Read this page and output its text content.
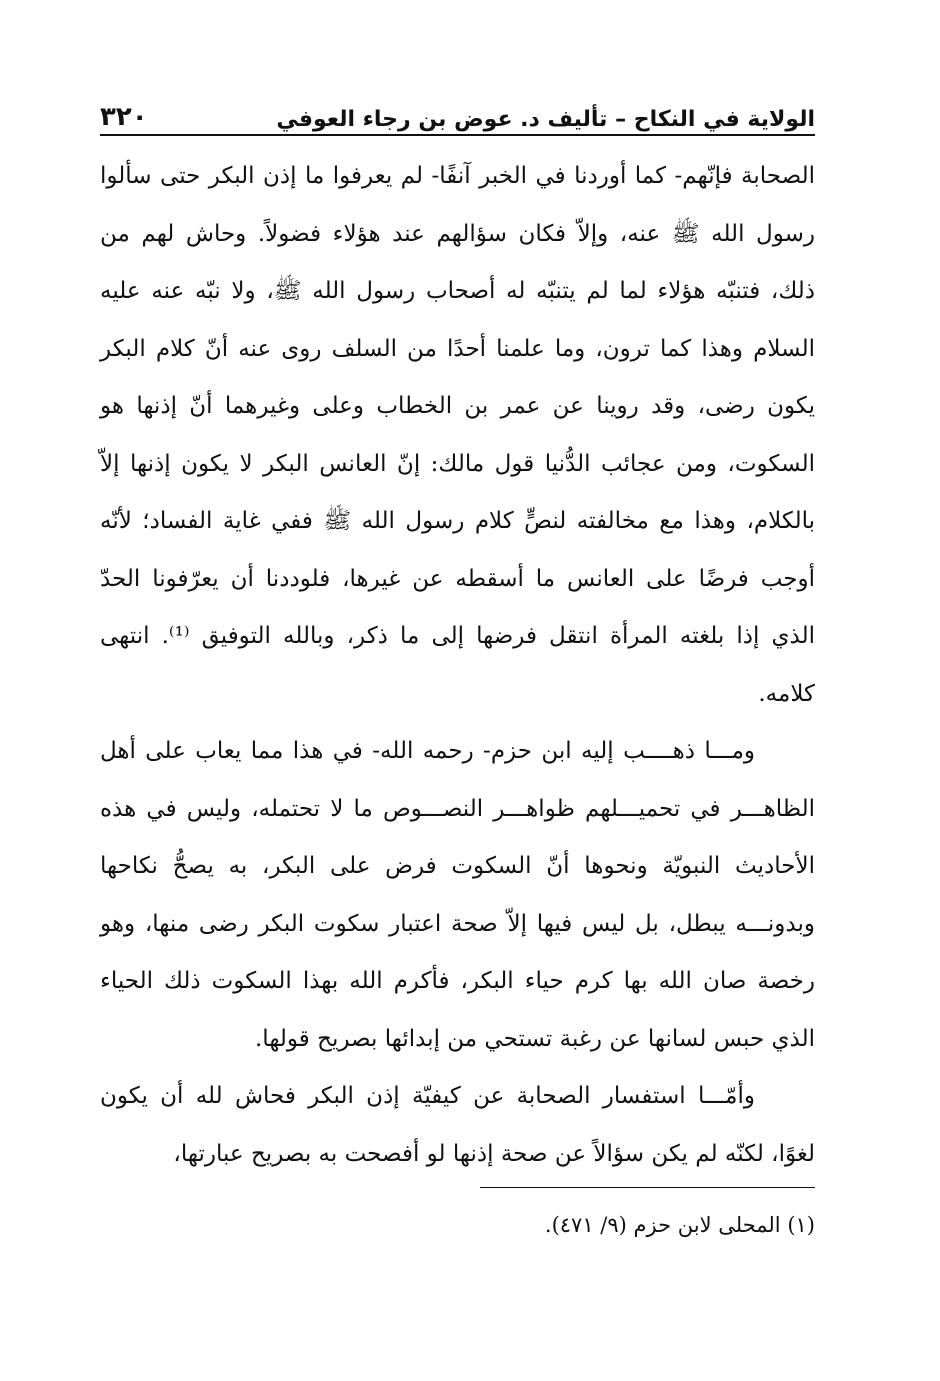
الولاية في النكاح – تأليف د. عوض بن رجاء العوفي
٣٢٠

الصحابة فإنّهم- كما أوردنا في الخبر آنفًا- لم يعرفوا ما إذن البكر حتى سألوا رسول الله ﷺ عنه، وإلاّ فكان سؤالهم عند هؤلاء فضولاً. وحاش لهم من ذلك، فتنبّه هؤلاء لما لم يتنبّه له أصحاب رسول الله ﷺ، ولا نبّه عنه عليه السلام وهذا كما ترون، وما علمنا أحدًا من السلف روى عنه أنّ كلام البكر يكون رضى، وقد روينا عن عمر بن الخطاب وعلى وغيرهما أنّ إذنها هو السكوت، ومن عجائب الدُّنيا قول مالك: إنّ العانس البكر لا يكون إذنها إلاّ بالكلام، وهذا مع مخالفته لنصٍّ كلام رسول الله ﷺ ففي غاية الفساد؛ لأنّه أوجب فرضًا على العانس ما أسقطه عن غيرها، فلوددنا أن يعرّفونا الحدّ الذي إذا بلغته المرأة انتقل فرضها إلى ما ذكر، وبالله التوفيق ⁽¹⁾. انتهى كلامه.

ومـــا ذهــــب إليه ابن حزم- رحمه الله- في هذا مما يعاب على أهل الظاهـــر في تحميـــلهم ظواهـــر النصـــوص ما لا تحتمله، وليس في هذه الأحاديث النبويّة ونحوها أنّ السكوت فرض على البكر، به يصحُّ نكاحها وبدونـــه يبطل، بل ليس فيها إلاّ صحة اعتبار سكوت البكر رضى منها، وهو رخصة صان الله بها كرم حياء البكر، فأكرم الله بهذا السكوت ذلك الحياء الذي حبس لسانها عن رغبة تستحي من إبدائها بصريح قولها.

وأمّـــا استفسار الصحابة عن كيفيّة إذن البكر فحاش لله أن يكون لغوًا، لكنّه لم يكن سؤالاً عن صحة إذنها لو أفصحت به بصريح عبارتها،

(١) المحلى لابن حزم (٩/ ٤٧١).
